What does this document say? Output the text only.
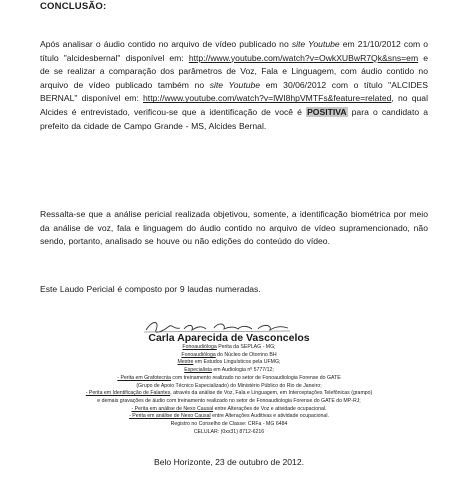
CONCLUSÃO:
Após analisar o áudio contido no arquivo de vídeo publicado no site Youtube em 21/10/2012 com o título "alcidesbernal" disponível em: http://www.youtube.com/watch?v=OwkXUBwR7Qk&sns=em e de se realizar a comparação dos parâmetros de Voz, Fala e Linguagem, com áudio contido no arquivo de vídeo publicado também no site Youtube em 30/06/2012 com o título "ALCIDES BERNAL" disponível em: http://www.youtube.com/watch?v=lWI8hpVMTFs&feature=related, no qual Alcides é entrevistado, verificou-se que a identificação de você é POSITIVA para o candidato a prefeito da cidade de Campo Grande - MS, Alcides Bernal.
Ressalta-se que a análise pericial realizada objetivou, somente, a identificação biométrica por meio da análise de voz, fala e linguagem do áudio contido no arquivo de vídeo supramencionado, não sendo, portanto, analisado se houve ou não edições do conteúdo do vídeo.
Este Laudo Pericial é composto por 9 laudas numeradas.
Carla Aparecida de Vasconcelos
Fonoaudióloga Perita da SEPLAG - MG;
Fonoaudióloga do Núcleo de Otorrino BH
Mestre em Estudos Linguísticos pela UFMG;
Especialista em Audiologia nº 5777/12;
- Perita em Grafotecnia com treinamento realizado no setor de Fonoaudiologia Forense do GATE
(Grupo de Apoio Técnico Especializado) do Ministério Público do Rio de Janeiro;
- Perita em Identificação de Falantes, através da análise de Voz, Fala e Linguagem, em Interceptações Telefônicas (grampo)
e demais gravações de áudio com treinamento realizado no setor de Fonoaudiologia Forense do GATE do MP-RJ;
- Perita em análise de Nexo Causal entre Alterações de Voz e atividade ocupacional.
- Perita em análise de Nexo Causal entre Alterações Auditivas e atividade ocupacional.
Registro no Conselho de Classe: CRFa - MG 6484
CELULAR: (0xx31) 8712-6216
Belo Horizonte, 23 de outubro de 2012.
